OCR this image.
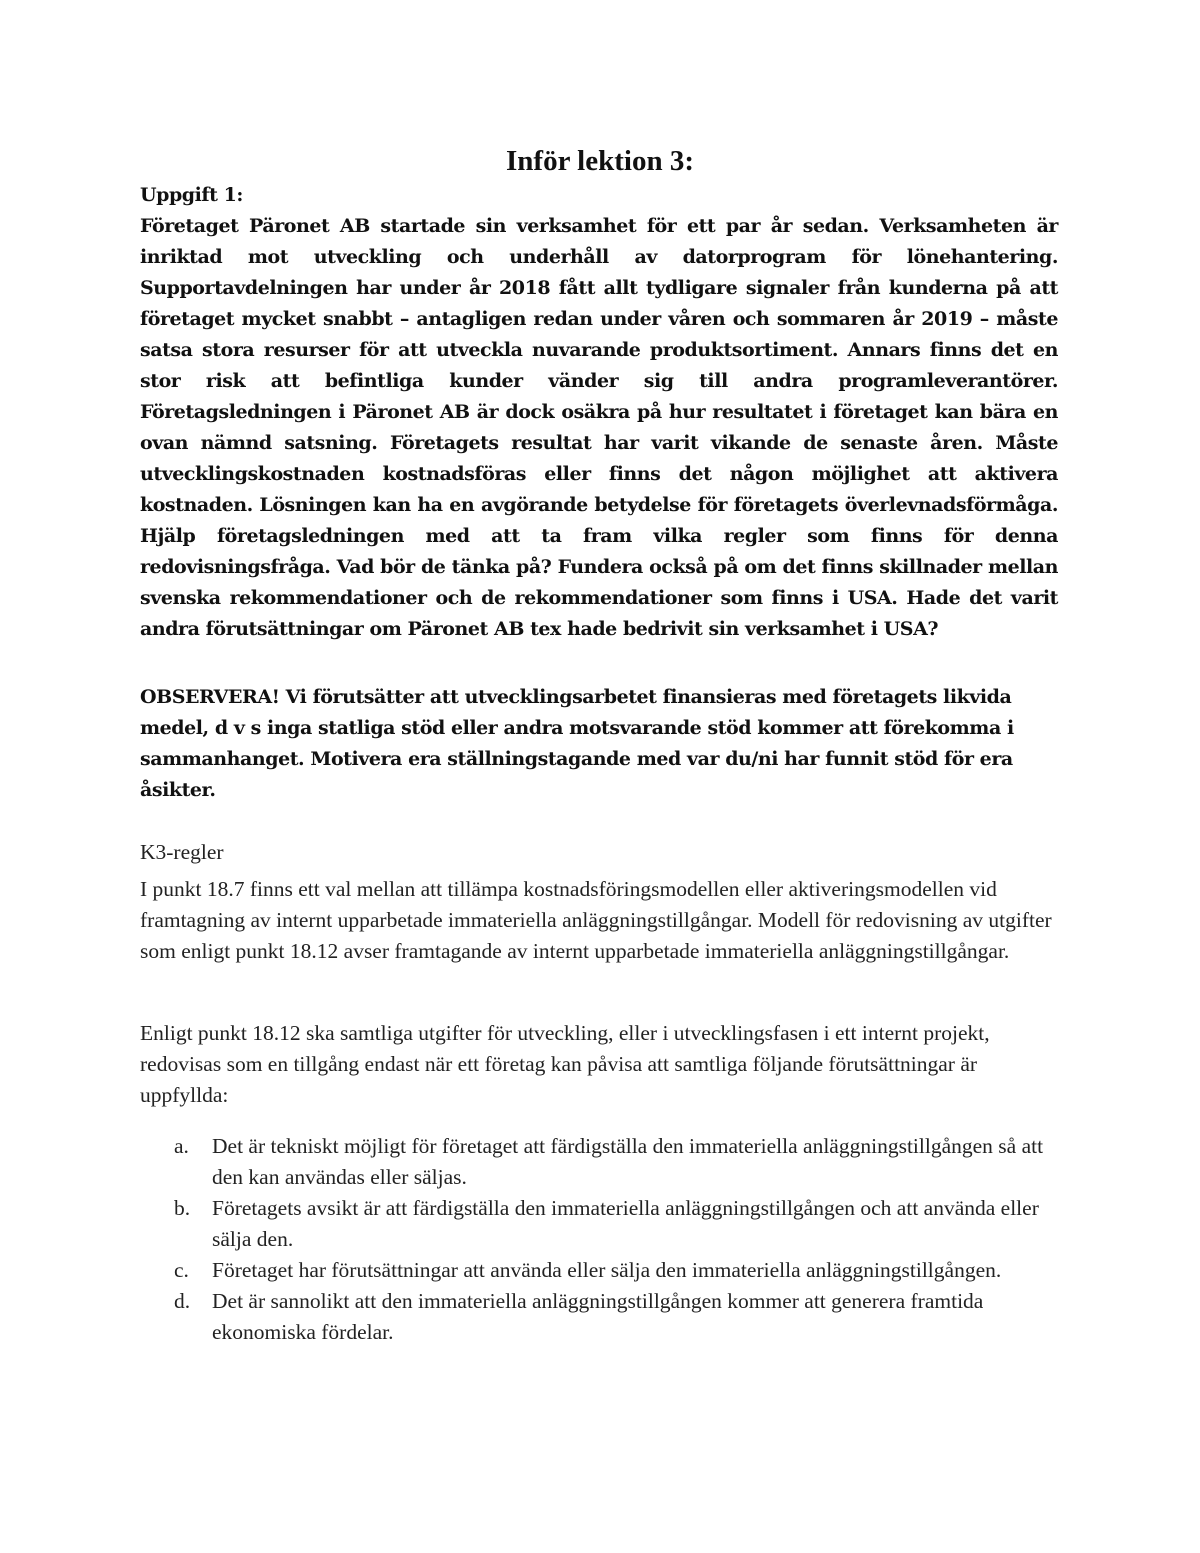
Inför lektion 3:

Uppgift 1:

Företaget Päronet AB startade sin verksamhet för ett par år sedan. Verksamheten är inriktad mot utveckling och underhåll av datorprogram för lönehantering. Supportavdelningen har under år 2018 fått allt tydligare signaler från kunderna på att företaget mycket snabbt – antagligen redan under våren och sommaren år 2019 – måste satsa stora resurser för att utveckla nuvarande produktsortiment. Annars finns det en stor risk att befintliga kunder vänder sig till andra programleverantörer. Företagsledningen i Päronet AB är dock osäkra på hur resultatet i företaget kan bära en ovan nämnd satsning. Företagets resultat har varit vikande de senaste åren. Måste utvecklingskostnaden kostnadsföras eller finns det någon möjlighet att aktivera kostnaden. Lösningen kan ha en avgörande betydelse för företagets överlevnadsförmåga. Hjälp företagsledningen med att ta fram vilka regler som finns för denna redovisningsfråga. Vad bör de tänka på? Fundera också på om det finns skillnader mellan svenska rekommendationer och de rekommendationer som finns i USA. Hade det varit andra förutsättningar om Päronet AB tex hade bedrivit sin verksamhet i USA?

OBSERVERA! Vi förutsätter att utvecklingsarbetet finansieras med företagets likvida medel, d v s inga statliga stöd eller andra motsvarande stöd kommer att förekomma i sammanhanget. Motivera era ställningstagande med var du/ni har funnit stöd för era åsikter.

K3-regler

I punkt 18.7 finns ett val mellan att tillämpa kostnadsföringsmodellen eller aktiveringsmodellen vid framtagning av internt upparbetade immateriella anläggningstillgångar. Modell för redovisning av utgifter som enligt punkt 18.12 avser framtagande av internt upparbetade immateriella anläggningstillgångar.

Enligt punkt 18.12 ska samtliga utgifter för utveckling, eller i utvecklingsfasen i ett internt projekt, redovisas som en tillgång endast när ett företag kan påvisa att samtliga följande förutsättningar är uppfyllda:

a. Det är tekniskt möjligt för företaget att färdigställa den immateriella anläggningstillgången så att den kan användas eller säljas.
b. Företagets avsikt är att färdigställa den immateriella anläggningstillgången och att använda eller sälja den.
c. Företaget har förutsättningar att använda eller sälja den immateriella anläggningstillgången.
d. Det är sannolikt att den immateriella anläggningstillgången kommer att generera framtida ekonomiska fördelar.
